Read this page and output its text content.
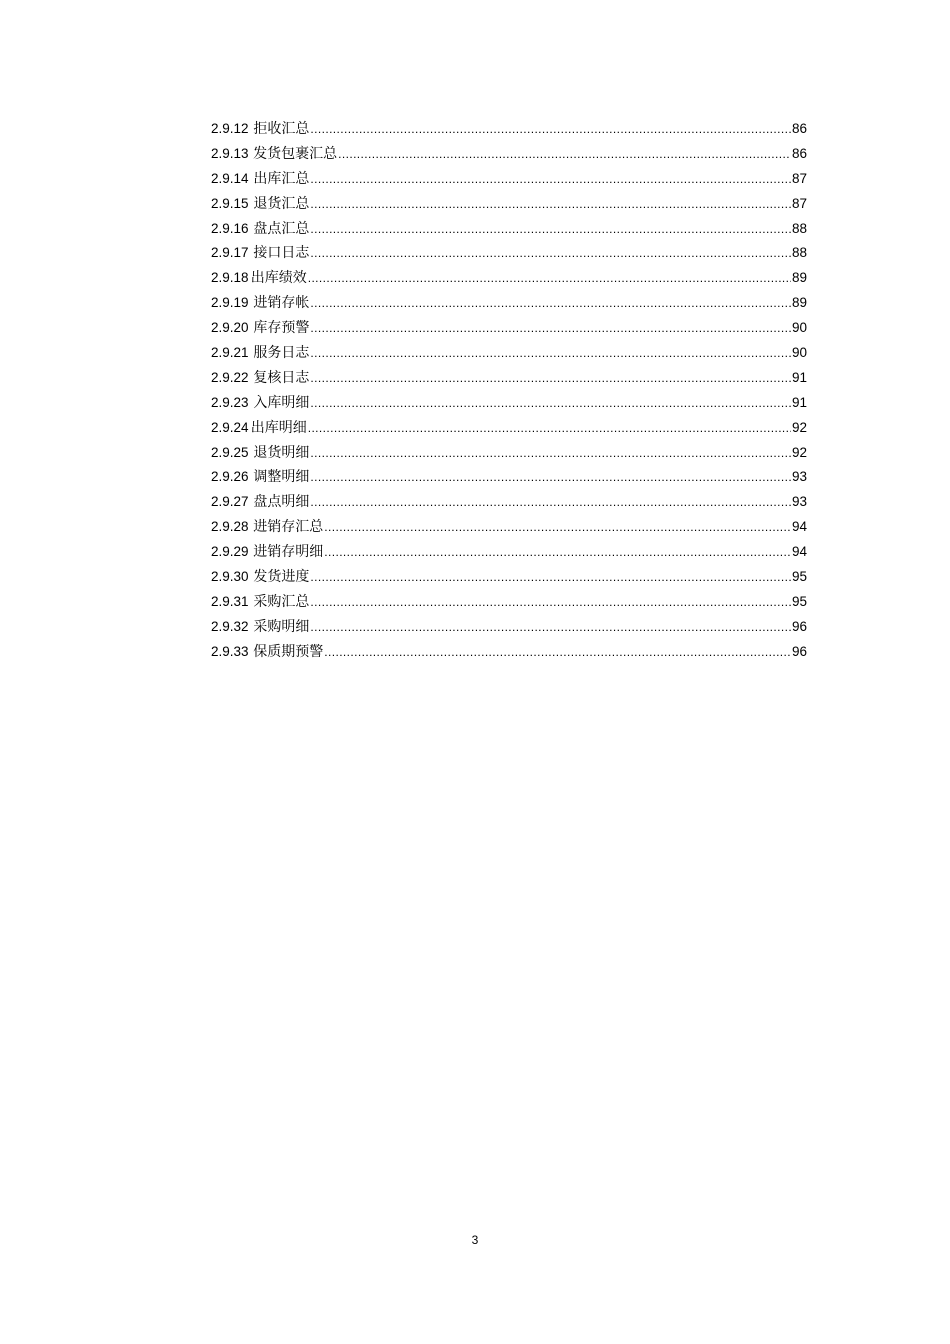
2.9.12 拒收汇总 .....	86
2.9.13 发货包裹汇总 .....	86
2.9.14 出库汇总 .....	87
2.9.15 退货汇总 .....	87
2.9.16 盘点汇总 .....	88
2.9.17 接口日志 .....	88
2.9.18 出库绩效 .....	89
2.9.19 进销存帐 .....	89
2.9.20 库存预警 .....	90
2.9.21 服务日志 .....	90
2.9.22 复核日志 .....	91
2.9.23 入库明细 .....	91
2.9.24 出库明细 .....	92
2.9.25 退货明细 .....	92
2.9.26 调整明细 .....	93
2.9.27 盘点明细 .....	93
2.9.28 进销存汇总 .....	94
2.9.29 进销存明细 .....	94
2.9.30 发货进度 .....	95
2.9.31 采购汇总 .....	95
2.9.32 采购明细 .....	96
2.9.33 保质期预警 .....	96
3
